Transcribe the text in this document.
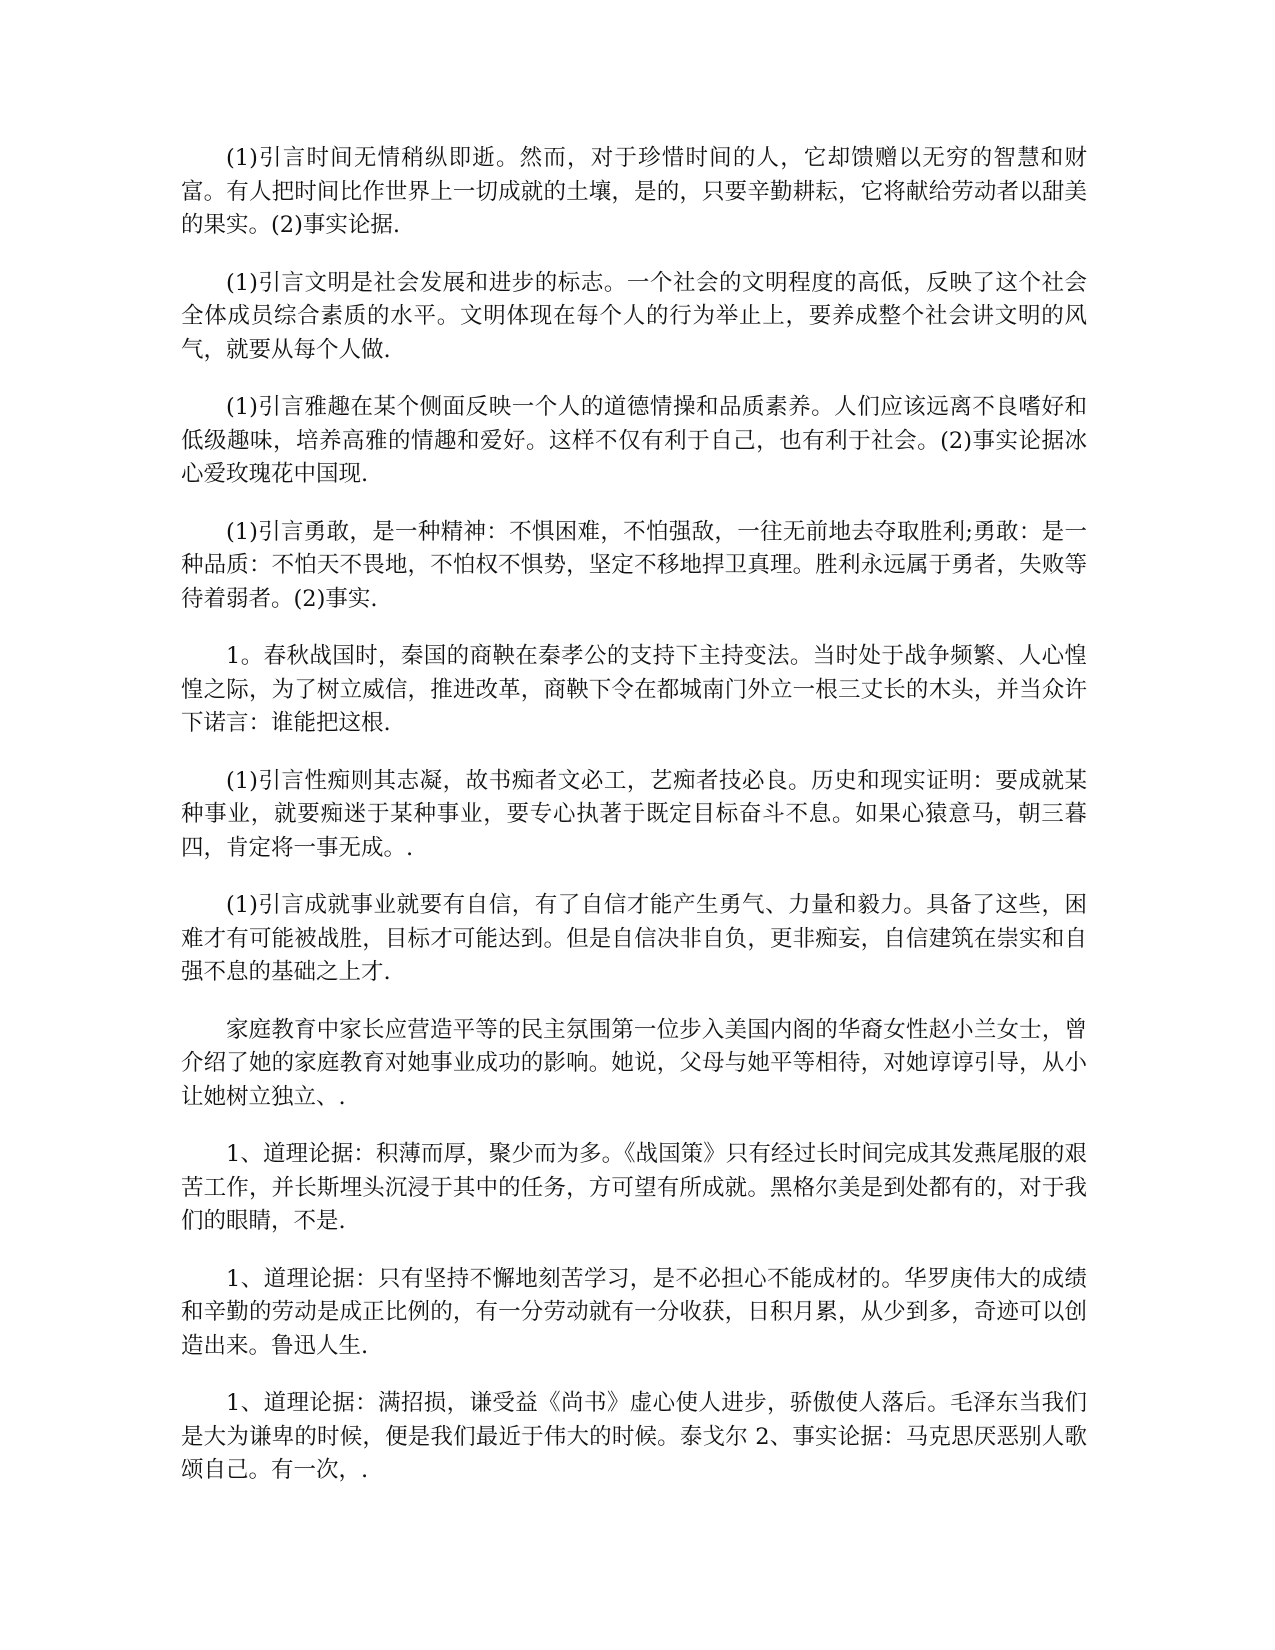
(1)引言时间无情稍纵即逝。然而，对于珍惜时间的人，它却馈赠以无穷的智慧和财富。有人把时间比作世界上一切成就的土壤，是的，只要辛勤耕耘，它将献给劳动者以甜美的果实。(2)事实论据.

(1)引言文明是社会发展和进步的标志。一个社会的文明程度的高低，反映了这个社会全体成员综合素质的水平。文明体现在每个人的行为举止上，要养成整个社会讲文明的风气，就要从每个人做.

(1)引言雅趣在某个侧面反映一个人的道德情操和品质素养。人们应该远离不良嗜好和低级趣味，培养高雅的情趣和爱好。这样不仅有利于自己，也有利于社会。(2)事实论据冰心爱玫瑰花中国现.

(1)引言勇敢，是一种精神：不惧困难，不怕强敌，一往无前地去夺取胜利;勇敢：是一种品质：不怕天不畏地，不怕权不惧势，坚定不移地捍卫真理。胜利永远属于勇者，失败等待着弱者。(2)事实.

1。春秋战国时，秦国的商鞅在秦孝公的支持下主持变法。当时处于战争频繁、人心惶惶之际，为了树立威信，推进改革，商鞅下令在都城南门外立一根三丈长的木头，并当众许下诺言：谁能把这根.

(1)引言性痴则其志凝，故书痴者文必工，艺痴者技必良。历史和现实证明：要成就某种事业，就要痴迷于某种事业，要专心执著于既定目标奋斗不息。如果心猿意马，朝三暮四，肯定将一事无成。.

(1)引言成就事业就要有自信，有了自信才能产生勇气、力量和毅力。具备了这些，困难才有可能被战胜，目标才可能达到。但是自信决非自负，更非痴妄，自信建筑在崇实和自强不息的基础之上才.

家庭教育中家长应营造平等的民主氛围第一位步入美国内阁的华裔女性赵小兰女士，曾介绍了她的家庭教育对她事业成功的影响。她说，父母与她平等相待，对她谆谆引导，从小让她树立独立、.

1、道理论据：积薄而厚，聚少而为多。《战国策》只有经过长时间完成其发燕尾服的艰苦工作，并长斯埋头沉浸于其中的任务，方可望有所成就。黑格尔美是到处都有的，对于我们的眼睛，不是.

1、道理论据：只有坚持不懈地刻苦学习，是不必担心不能成材的。华罗庚伟大的成绩和辛勤的劳动是成正比例的，有一分劳动就有一分收获，日积月累，从少到多，奇迹可以创造出来。鲁迅人生.

1、道理论据：满招损，谦受益《尚书》虚心使人进步，骄傲使人落后。毛泽东当我们是大为谦卑的时候，便是我们最近于伟大的时候。泰戈尔 2、事实论据：马克思厌恶别人歌颂自己。有一次，.
